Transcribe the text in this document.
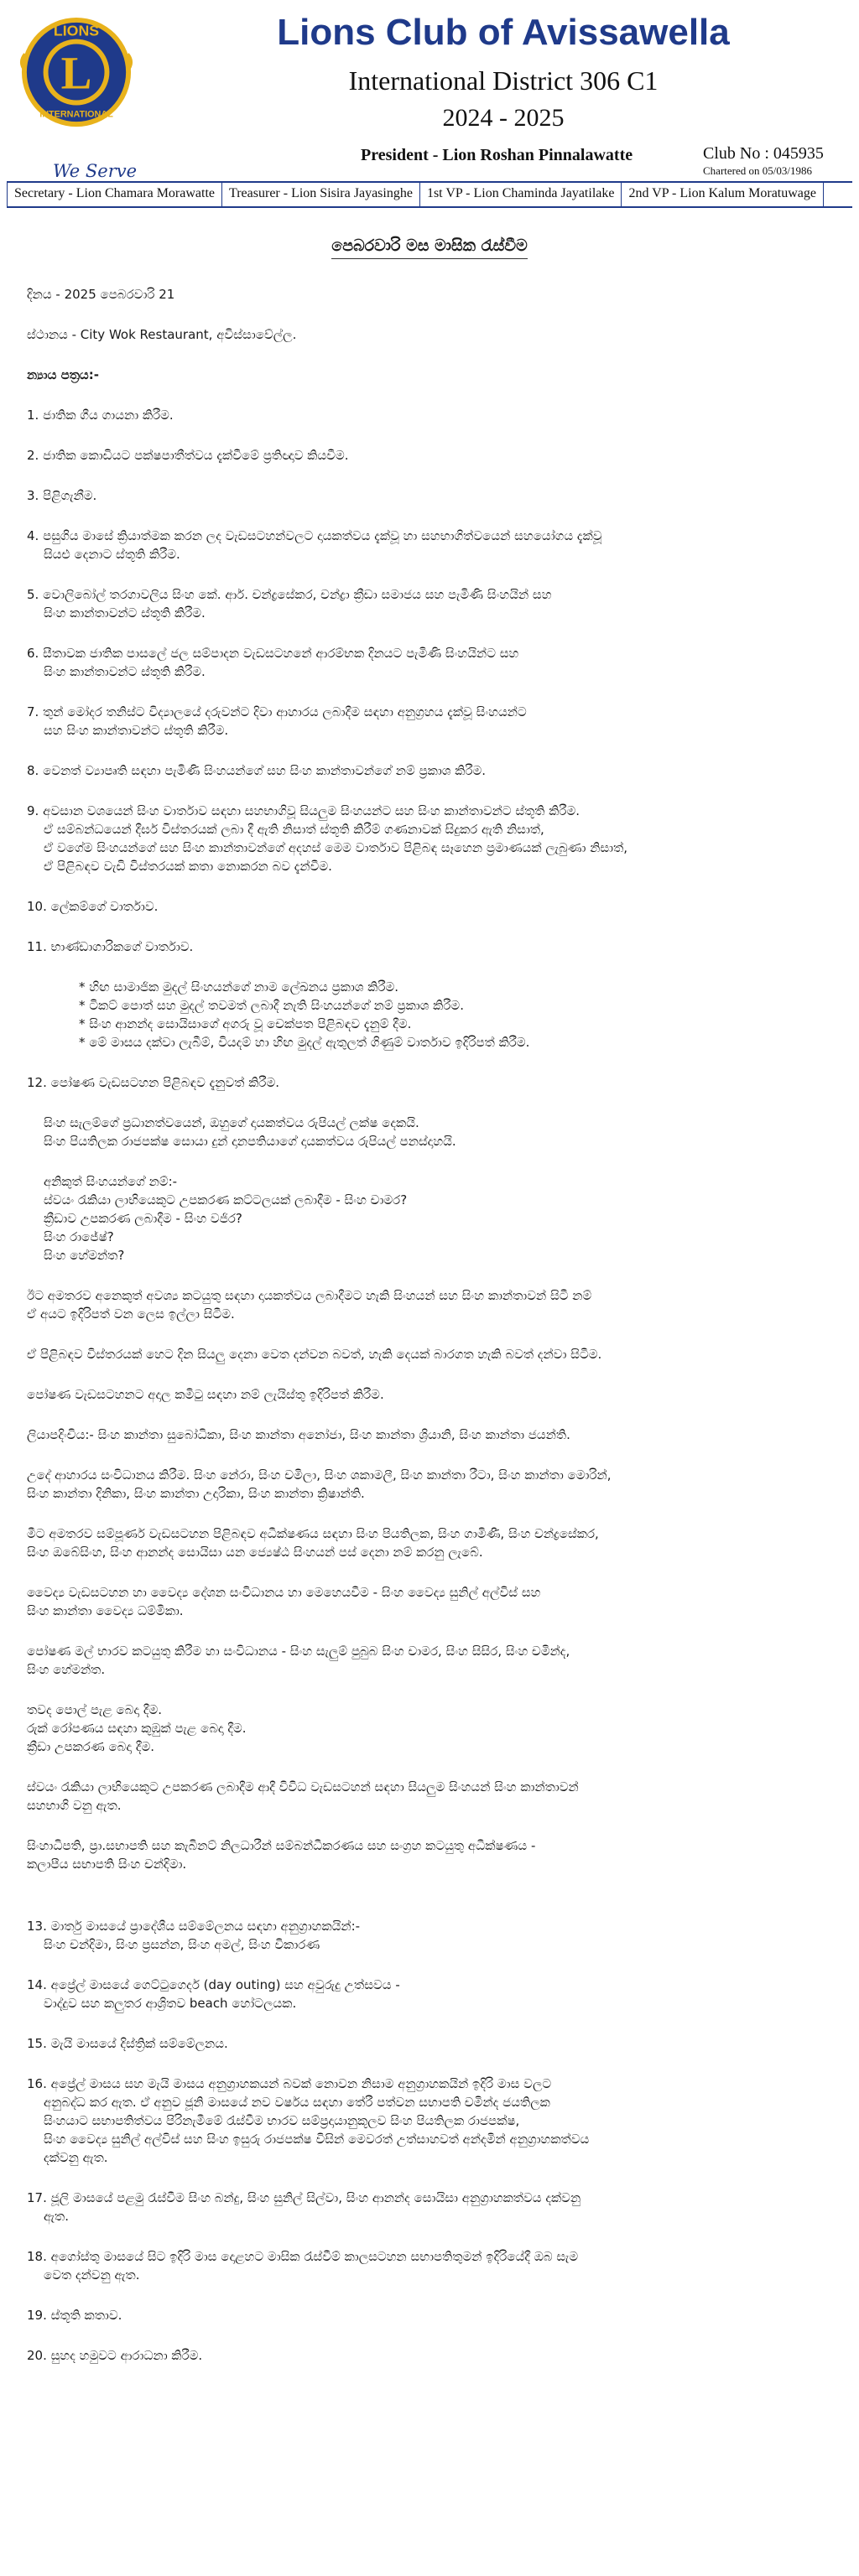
L
LIONS
INTERNATIONAL
We Serve
Lions Club of Avissawella
International District 306 C1
2024 - 2025
President - Lion Roshan Pinnalawatte	Club No : 045935
Chartered on 05/03/1986
Secretary - Lion Chamara Morawatte	Treasurer - Lion Sisira Jayasinghe	1st VP - Lion Chaminda Jayatilake	2nd VP - Lion Kalum Moratuwage
පෙබරවාරි මස මාසික රැස්වීම

දිනය - 2025 පෙබරවාරි 21

ස්ථානය - City Wok Restaurant, අවිස්සාවේල්ල.

න්‍යාය පත්‍රය:-

1. ජාතික ගීය ගායනා කිරීම.

2. ජාතික කොඩියට පක්ෂපාතීත්වය දැක්වීමේ ප්‍රතිඥාව කියවීම.

3. පිළිගැනීම.

4. පසුගිය මාසේ ක්‍රියාත්මක කරන ලද වැඩසටහන්වලට දායකත්වය දැක්වූ හා සහභාගිත්වයෙන් සහයෝගය දැක්වූ

සියළු දෙනාට ස්තූති කිරීම.

5. වොලිබෝල් තරගාවලිය සිංහ කේ. ආර්. චන්ද්‍රසේකර, චන්ද්‍රා ක්‍රීඩා සමාජය සහ පැමිණි සිංහයින් සහ

සිංහ කාන්තාවන්ට ස්තූති කිරීම.

6. සීතාවක ජාතික පාසලේ ජල සම්පාදන වැඩසටහනේ ආරම්භක දිනයට පැමිණි සිංහයින්ට සහ

සිංහ කාන්තාවන්ට ස්තූති කිරීම.

7. තුන් මෝදර තනිස්ට විද්‍යාලයේ දරුවන්ට දිවා ආහාරය ලබාදීම සඳහා අනුග්‍රහය දැක්වූ සිංහයන්ට

සහ සිංහ කාන්තාවන්ට ස්තූති කිරීම.

8. වෙනත් ව්‍යාපෘති සඳහා පැමිණි සිංහයන්ගේ සහ සිංහ කාන්තාවන්ගේ නම් ප්‍රකාශ කිරීම.

9. අවසාන වශයෙන් සිංහ වාර්තාව සඳහා සහභාගිවූ සියලුම සිංහයන්ට සහ සිංහ කාන්තාවන්ට ස්තූති කිරීම.

ඒ සම්බන්ධයෙන් දීර්ඝ විස්තරයක් ලබා දී ඇති නිසාත් ස්තූති කිරීම් ගණනාවක් සිදුකර ඇති නිසාත්,

ඒ වගේම සිංහයන්ගේ සහ සිංහ කාන්තාවන්ගේ අදහස් මෙම වාර්තාව පිළිබඳ සෑහෙන ප්‍රමාණයක් ලැබුණා නිසාත්,

ඒ පිළිබඳව වැඩි විස්තරයක් කතා නොකරන බව දැන්වීම.

10. ලේකම්ගේ වාර්තාව.

11. භාණ්ඩාගාරිකගේ වාර්තාව.

* හිඟ සාමාජික මුදල් සිංහයන්ගේ නාම ලේඛනය ප්‍රකාශ කිරීම.

* ටිකට් පොත් සහ මුදල් තවමත් ලබාදී නැති සිංහයන්ගේ නම් ප්‍රකාශ කිරීම.

* සිංහ ආනන්ද සොයිසාගේ අගරු වූ චෙක්පත පිළිබඳව දැනුම් දීම.

* මේ මාසය දක්වා ලැබීම්, වියදම් හා හිඟ මුදල් ඇතුලත් ගිණුම් වාර්තාව ඉදිරිපත් කිරීම.

12. පෝෂණ වැඩසටහන පිළිබඳව දැනුවත් කිරීම.

සිංහ සැලම්ගේ ප්‍රධානත්වයෙන්, ඔහුගේ දායකත්වය රුපියල් ලක්ෂ දෙකයි.

සිංහ පියතිලක රාජපක්ෂ සොයා දුන් දානපතියාගේ දායකත්වය රුපියල් පනස්දාහයි.

අනිකුත් සිංහයන්ගේ නම්:-

ස්වයං රැකියා ලාභියෙකුට උපකරණ කට්ටලයක් ලබාදීම - සිංහ චාමර?

ක්‍රීඩාව උපකරණ ලබාදීම - සිංහ වජිර?

සිංහ රාජේෂ්?

සිංහ හේමන්ත?

ඊට අමතරව අනෙකුත් අවශ්‍ය කටයුතු සඳහා දායකත්වය ලබාදීමට හැකි සිංහයන් සහ සිංහ කාන්තාවන් සිටී නම්

ඒ අයට ඉදිරිපත් වන ලෙස ඉල්ලා සිටීම.

ඒ පිළිබඳව විස්තරයක් හෙට දින සියලු දෙනා වෙත දන්වන බවත්, හැකි දෙයක් බාරගත හැකි බවත් දන්වා සිටීම.

පෝෂණ වැඩසටහනට අදාල කමිටු සඳහා නම් ලැයිස්තු ඉදිරිපත් කිරීම.

ලියාපදිංචිය:- සිංහ කාන්තා සුබෝධිකා, සිංහ කාන්තා අනෝජා, සිංහ කාන්තා ශ්‍රියානි, සිංහ කාන්තා ජයන්ති.

උදේ ආහාරය සංවිධානය කිරීම. සිංහ නේරා, සිංහ චමිලා, සිංහ ශකාමලී, සිංහ කාන්තා රීටා, සිංහ කාන්තා මොරින්,

සිංහ කාන්තා දිනිකා, සිංහ කාන්තා උදාරිකා, සිංහ කාන්තා ක්‍රිෂාන්ති.

මීට අමතරව සම්පූර්ණ වැඩසටහන පිළිබඳව අධීක්ෂණය සඳහා සිංහ පියතිලක, සිංහ ගාමිණී, සිංහ චන්ද්‍රසේකර,

සිංහ ඔබේසිංහ, සිංහ ආනන්ද සොයිසා යන ජ්‍යෙෂ්ඨ සිංහයන් පස් දෙනා නම් කරනු ලැබේ.

වෛද්‍ය වැඩසටහන හා වෛද්‍ය දේශන සංවිධානය හා මෙහෙයවීම - සිංහ වෛද්‍ය සුනිල් අල්විස් සහ

සිංහ කාන්තා වෛද්‍ය ධම්මිකා.

පෝෂණ මල් භාරව කටයුතු කිරීම හා සංවිධානය - සිංහ සැලුම් පුබුබ සිංහ චාමර, සිංහ සිසිර, සිංහ චමින්ද,

සිංහ හේමන්ත.

තවද පොල් පැළ බෙදා දීම.

රුක් රෝපණය සඳහා කුඹුක් පැළ බෙදා දීම.

ක්‍රීඩා උපකරණ බෙදා දීම.

ස්වයං රැකියා ලාභියෙකුට උපකරණ ලබාදීම ආදී විවිධ වැඩසටහන් සඳහා සියලුම සිංහයන් සිංහ කාන්තාවන්

සහභාගි වනු ඇත.

සිංහාධිපති, ප්‍රා.සභාපති සහ කැබිනට් නිලධාරීන් සම්බන්ධීකරණය සහ සංග්‍රහ කටයුතු අධීක්ෂණය -

කලාපීය සභාපති සිංහ චන්දිමා.

13. මාර්තු මාසයේ ප්‍රාදේශීය සම්මේලනය සඳහා අනුග්‍රාහකයින්:-

සිංහ චන්දිමා, සිංහ ප්‍රසන්න, සිංහ අමල්, සිංහ විකාරණ

14. අප්‍රේල් මාසයේ ගෙට්ටුගෙදර් (day outing) සහ අවුරුදු උත්සවය -

වාද්දුව සහ කලුතර ආශ්‍රිතව beach හෝටලයක.

15. මැයි මාසයේ දිස්ත්‍රික් සම්මේලනය.

16. අප්‍රේල් මාසය සහ මැයි මාසය අනුග්‍රාහකයන් බවක් නොවන නිසාම අනුග්‍රාහකයින් ඉදිරි මාස වලට

අනුබද්ධ කර ඇත. ඒ අනුව ජූනි මාසයේ නව වර්ෂය සඳහා තේරී පත්වන සභාපති චමින්ද ජයතිලක

සිංහයාට සභාපතිත්වය පිරිනැමීමේ රැස්වීම භාරව සම්ප්‍රදායානුකූලව සිංහ පියතිලක රාජපක්ෂ,

සිංහ වෛද්‍ය සුනිල් අල්විස් සහ සිංහ ඉසුරු රාජපක්ෂ විසින් මෙවරත් උත්සාහවත් අන්දමින් අනුග්‍රාහකත්වය

දක්වනු ඇත.

17. ජූලි මාසයේ පළමු රැස්වීම සිංහ බන්දු, සිංහ සුනිල් සිල්වා, සිංහ ආනන්ද සොයිසා අනුග්‍රාහකත්වය දක්වනු

ඇත.

18. අගෝස්තු මාසයේ සිට ඉදිරි මාස දොළහට මාසික රැස්වීම් කාලසටහන සභාපතිතුමන් ඉදිරියේදී ඔබ සැම

වෙත දන්වනු ඇත.

19. ස්තූති කතාව.

20. සුහද හමුවට ආරාධනා කිරීම.
